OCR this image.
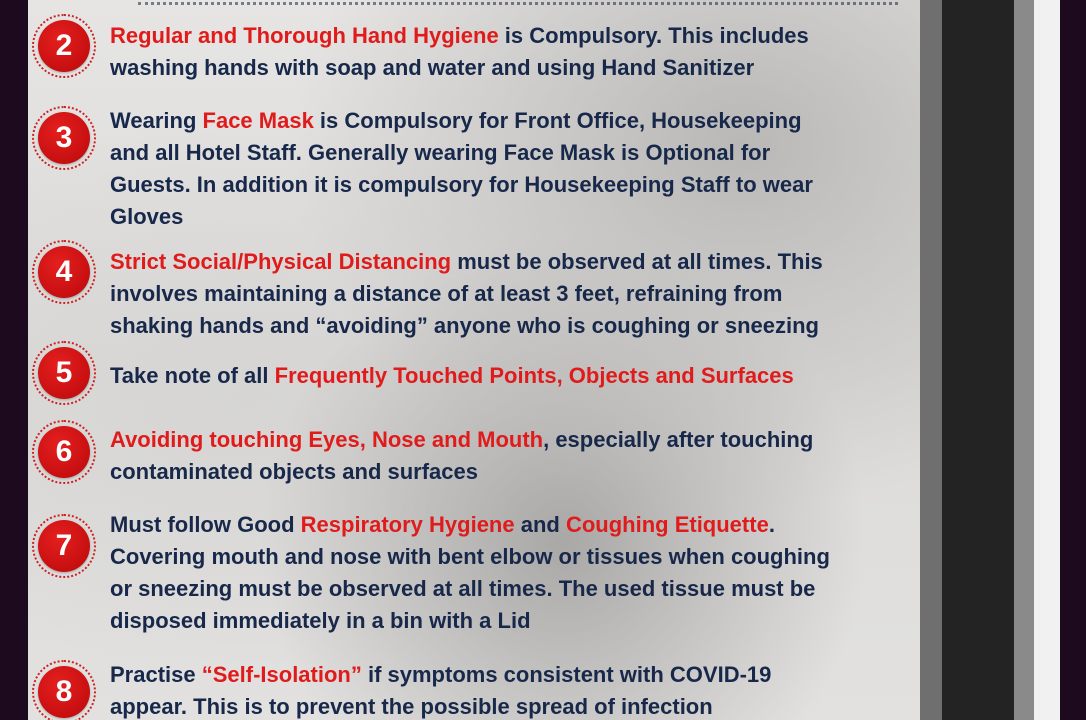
2	Regular and Thorough Hand Hygiene is Compulsory. This includes
washing hands with soap and water and using Hand Sanitizer
3
Wearing Face Mask is Compulsory for Front Office, Housekeeping
and all Hotel Staff. Generally wearing Face Mask is Optional for
Guests. In addition it is compulsory for Housekeeping Staff to wear
Gloves
4	Strict Social/Physical Distancing must be observed at all times. This
involves maintaining a distance of at least 3 feet, refraining from
shaking hands and “avoiding” anyone who is coughing or sneezing
5	Take note of all Frequently Touched Points, Objects and Surfaces
6	Avoiding touching Eyes, Nose and Mouth, especially after touching
contaminated objects and surfaces
7
Must follow Good Respiratory Hygiene and Coughing Etiquette.
Covering mouth and nose with bent elbow or tissues when coughing
or sneezing must be observed at all times. The used tissue must be
disposed immediately in a bin with a Lid
8
Practise “Self-Isolation” if symptoms consistent with COVID-19
appear. This is to prevent the possible spread of infection
